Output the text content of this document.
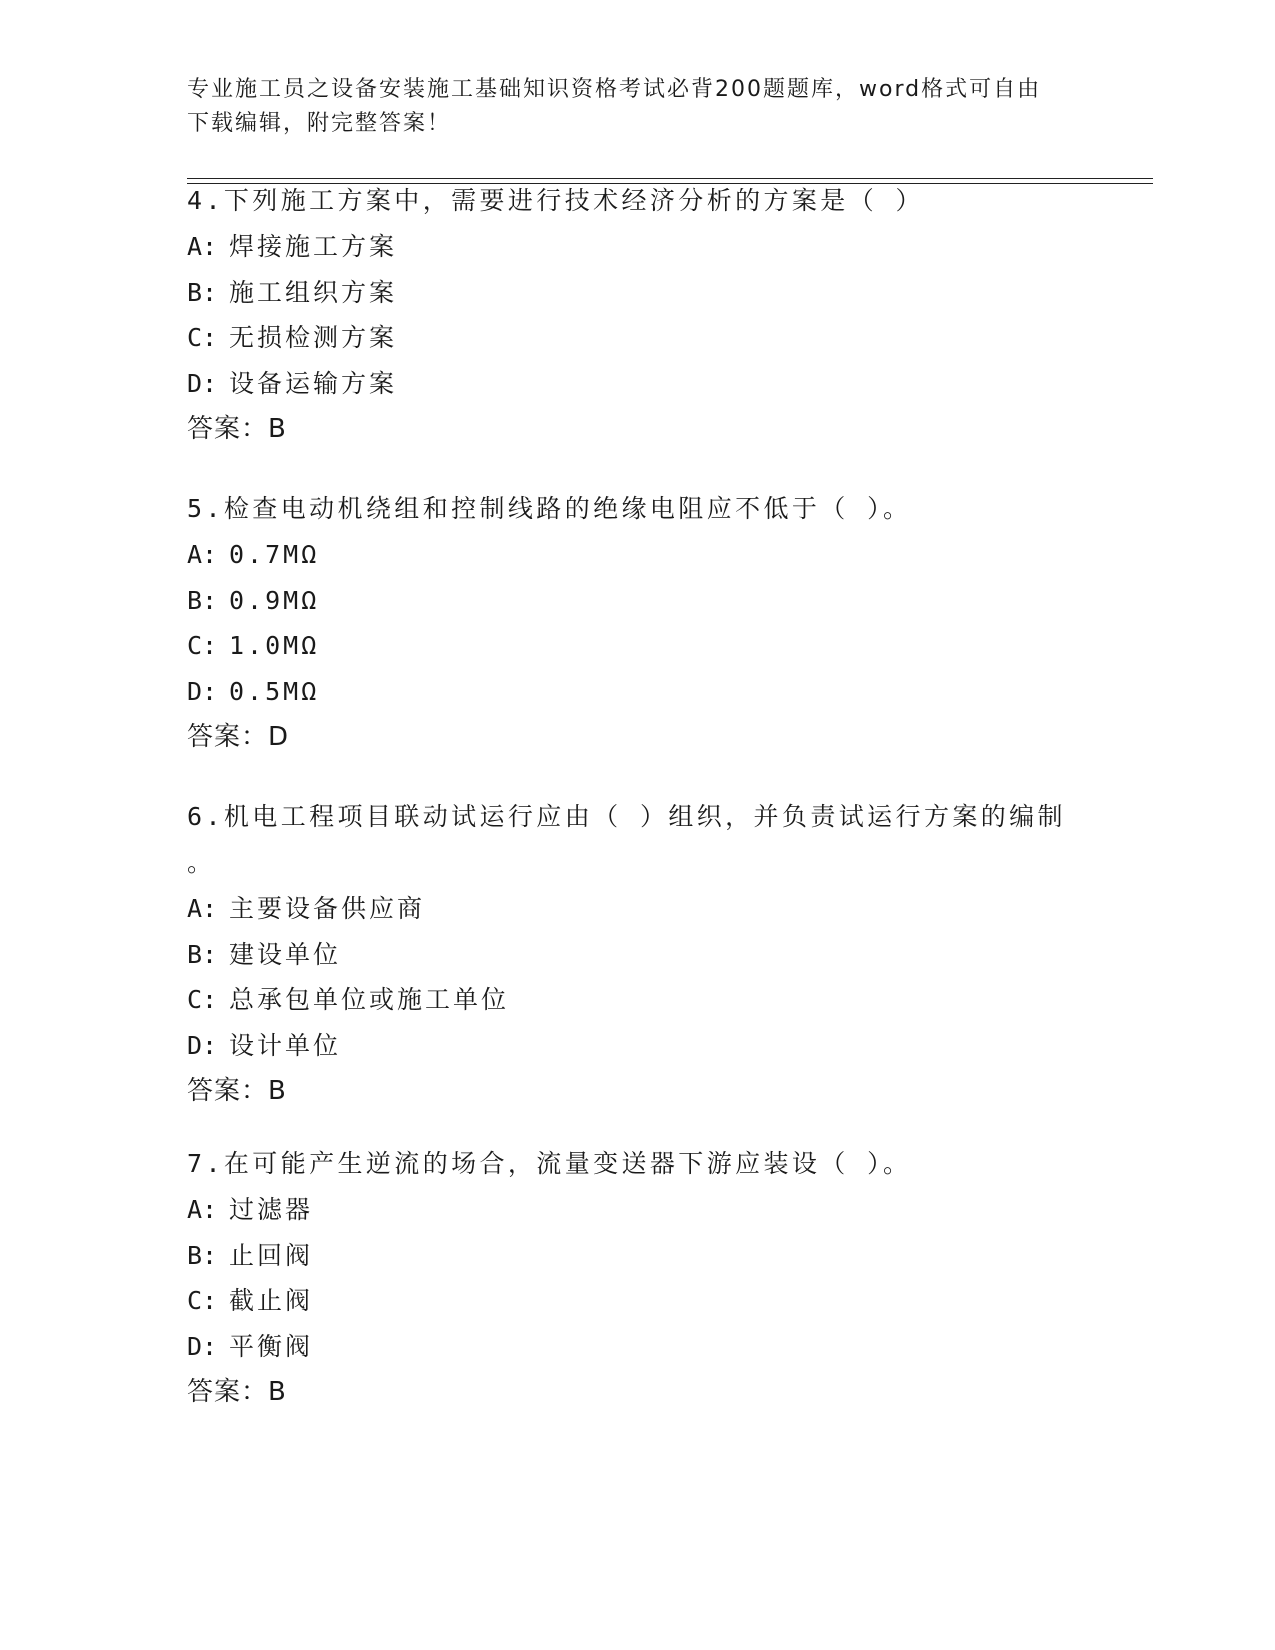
专业施工员之设备安装施工基础知识资格考试必背200题题库，word格式可自由
下载编辑，附完整答案！
4.下列施工方案中，需要进行技术经济分析的方案是（ ）
A: 焊接施工方案
B: 施工组织方案
C: 无损检测方案
D: 设备运输方案
答案：B
5.检查电动机绕组和控制线路的绝缘电阻应不低于（ ）。
A: 0.7MΩ
B: 0.9MΩ
C: 1.0MΩ
D: 0.5MΩ
答案：D
6.机电工程项目联动试运行应由（ ）组织，并负责试运行方案的编制
。
A: 主要设备供应商
B: 建设单位
C: 总承包单位或施工单位
D: 设计单位
答案：B
7.在可能产生逆流的场合，流量变送器下游应装设（ ）。
A: 过滤器
B: 止回阀
C: 截止阀
D: 平衡阀
答案：B
